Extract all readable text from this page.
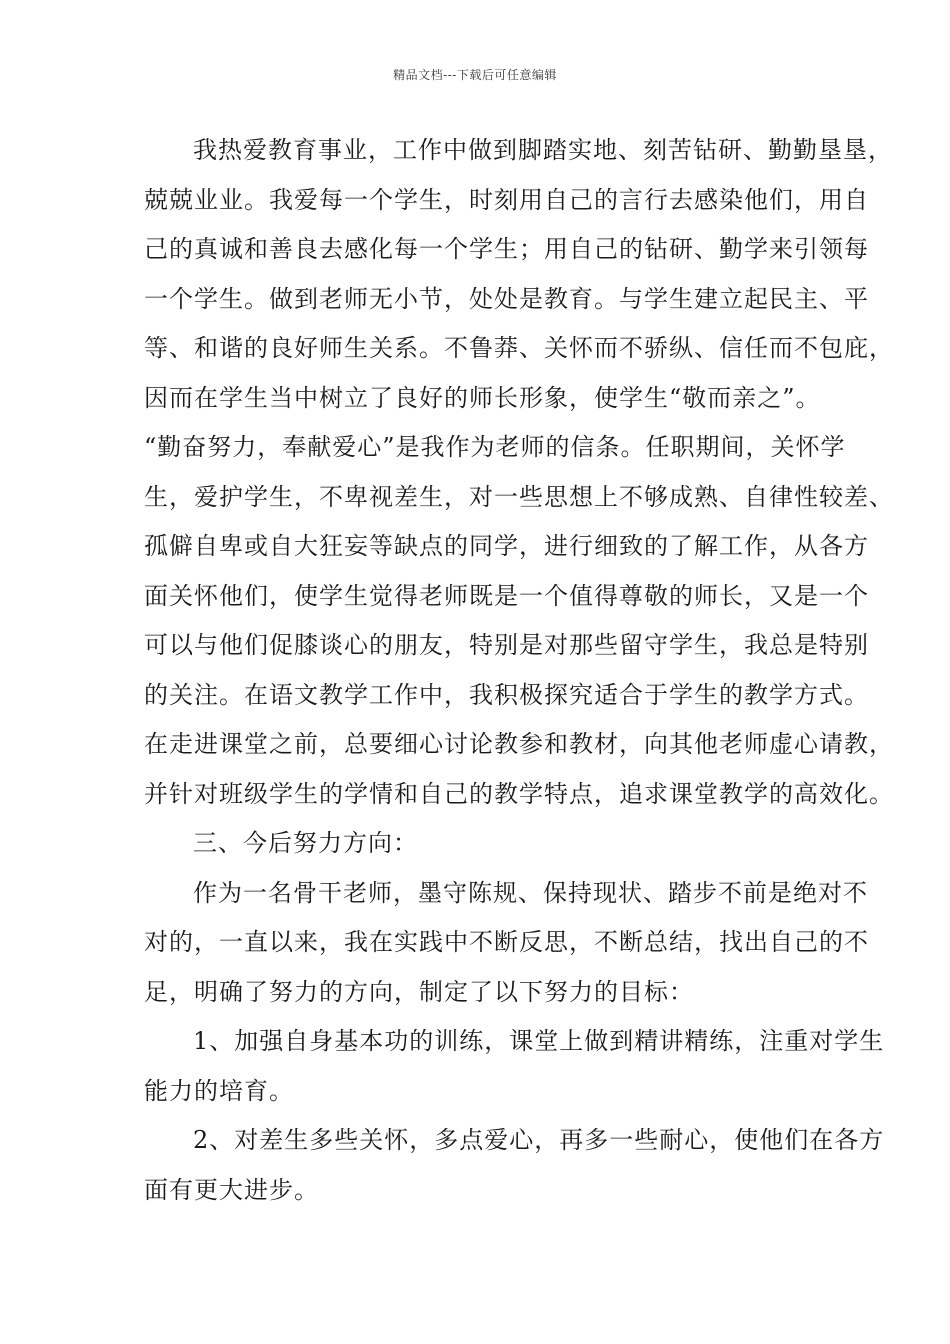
精品文档---下载后可任意编辑
我热爱教育事业，工作中做到脚踏实地、刻苦钻研、勤勤垦垦，
兢兢业业。我爱每一个学生，时刻用自己的言行去感染他们，用自
己的真诚和善良去感化每一个学生；用自己的钻研、勤学来引领每
一个学生。做到老师无小节，处处是教育。与学生建立起民主、平
等、和谐的良好师生关系。不鲁莽、关怀而不骄纵、信任而不包庇，
因而在学生当中树立了良好的师长形象，使学生“敬而亲之”。
“勤奋努力，奉献爱心”是我作为老师的信条。任职期间，关怀学
生，爱护学生，不卑视差生，对一些思想上不够成熟、自律性较差、
孤僻自卑或自大狂妄等缺点的同学，进行细致的了解工作，从各方
面关怀他们，使学生觉得老师既是一个值得尊敬的师长，又是一个
可以与他们促膝谈心的朋友，特别是对那些留守学生，我总是特别
的关注。在语文教学工作中，我积极探究适合于学生的教学方式。
在走进课堂之前，总要细心讨论教参和教材，向其他老师虚心请教，
并针对班级学生的学情和自己的教学特点，追求课堂教学的高效化。
三、今后努力方向：
作为一名骨干老师，墨守陈规、保持现状、踏步不前是绝对不
对的，一直以来，我在实践中不断反思，不断总结，找出自己的不
足，明确了努力的方向，制定了以下努力的目标：
1、加强自身基本功的训练，课堂上做到精讲精练，注重对学生
能力的培育。
2、对差生多些关怀，多点爱心，再多一些耐心，使他们在各方
面有更大进步。
